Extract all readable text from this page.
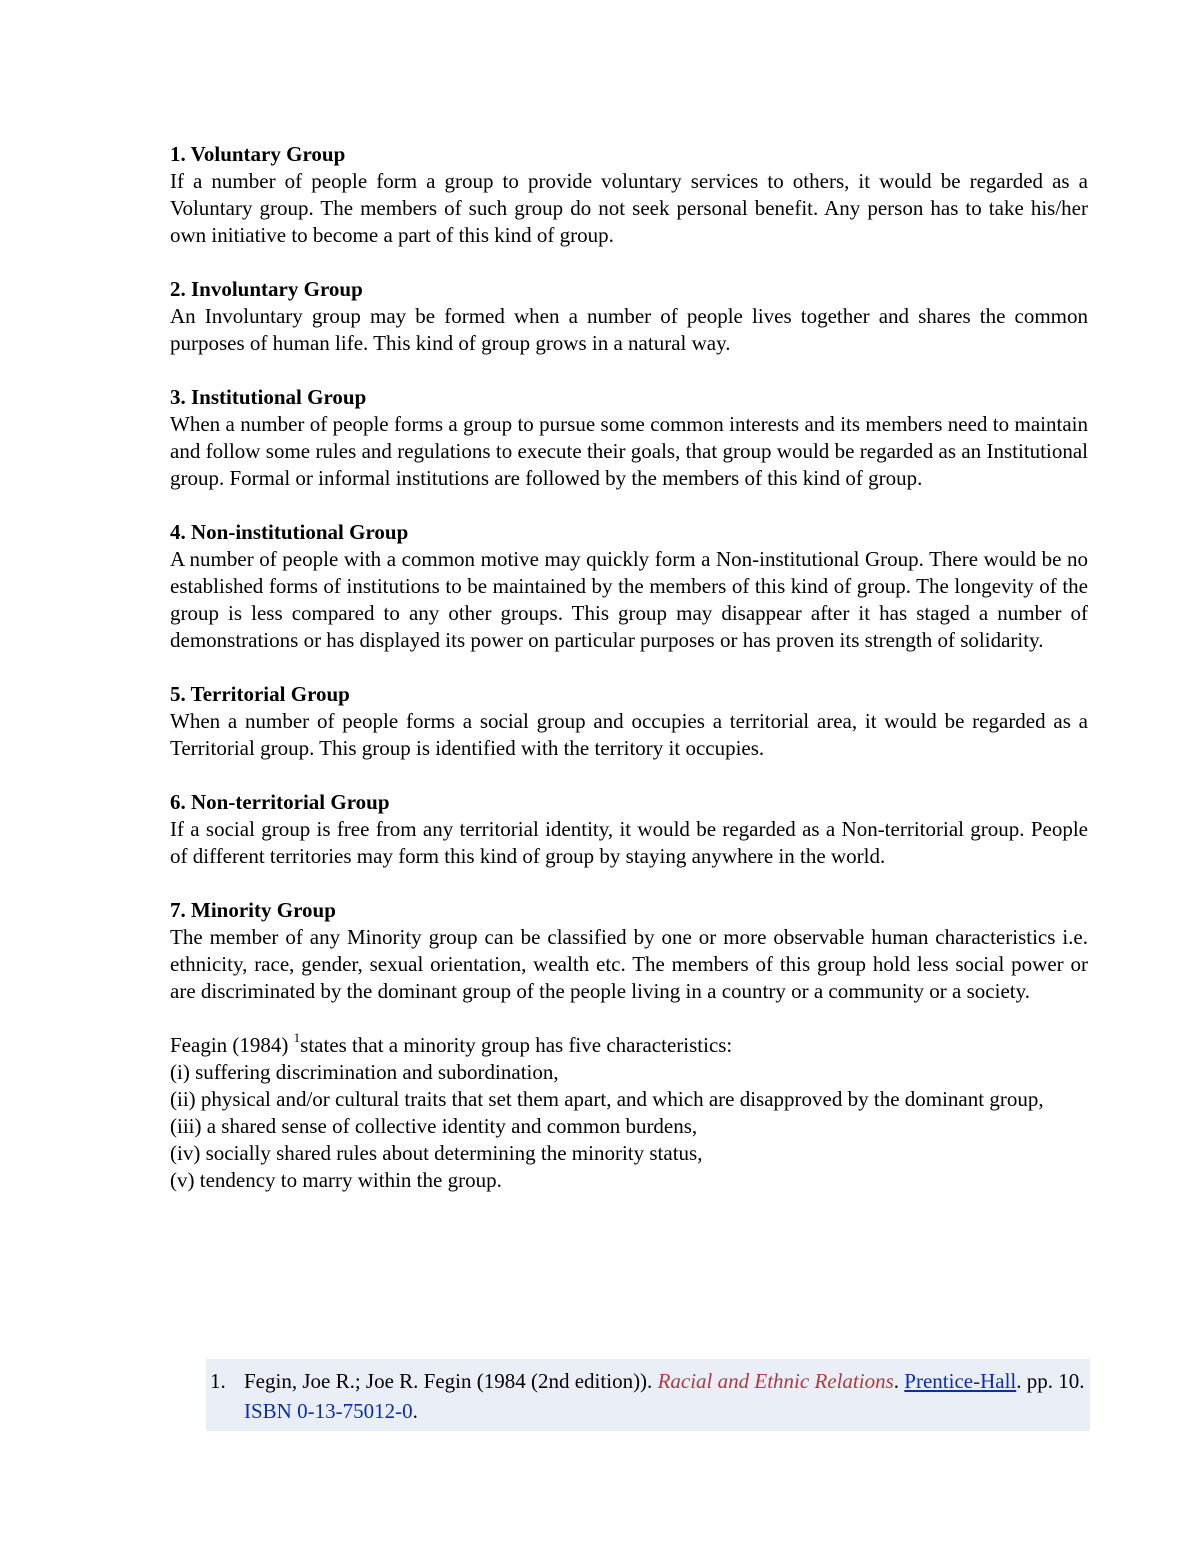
1. Voluntary Group

If a number of people form a group to provide voluntary services to others, it would be regarded as a Voluntary group. The members of such group do not seek personal benefit. Any person has to take his/her own initiative to become a part of this kind of group.

2. Involuntary Group

An Involuntary group may be formed when a number of people lives together and shares the common purposes of human life. This kind of group grows in a natural way.

3. Institutional Group

When a number of people forms a group to pursue some common interests and its members need to maintain and follow some rules and regulations to execute their goals, that group would be regarded as an Institutional group. Formal or informal institutions are followed by the members of this kind of group.

4. Non-institutional Group

A number of people with a common motive may quickly form a Non-institutional Group. There would be no established forms of institutions to be maintained by the members of this kind of group. The longevity of the group is less compared to any other groups. This group may disappear after it has staged a number of demonstrations or has displayed its power on particular purposes or has proven its strength of solidarity.

5. Territorial Group

When a number of people forms a social group and occupies a territorial area, it would be regarded as a Territorial group. This group is identified with the territory it occupies.

6. Non-territorial Group

If a social group is free from any territorial identity, it would be regarded as a Non-territorial group. People of different territories may form this kind of group by staying anywhere in the world.

7. Minority Group

The member of any Minority group can be classified by one or more observable human characteristics i.e. ethnicity, race, gender, sexual orientation, wealth etc. The members of this group hold less social power or are discriminated by the dominant group of the people living in a country or a community or a society.

Feagin (1984) $^1$states that a minority group has five characteristics:

(i) suffering discrimination and subordination,
(ii) physical and/or cultural traits that set them apart, and which are disapproved by the dominant group,
(iii) a shared sense of collective identity and common burdens,
(iv) socially shared rules about determining the minority status,
(v) tendency to marry within the group.
1. Fegin, Joe R.; Joe R. Fegin (1984 (2nd edition)). Racial and Ethnic Relations. Prentice-Hall. pp. 10. ISBN 0-13-75012-0.
